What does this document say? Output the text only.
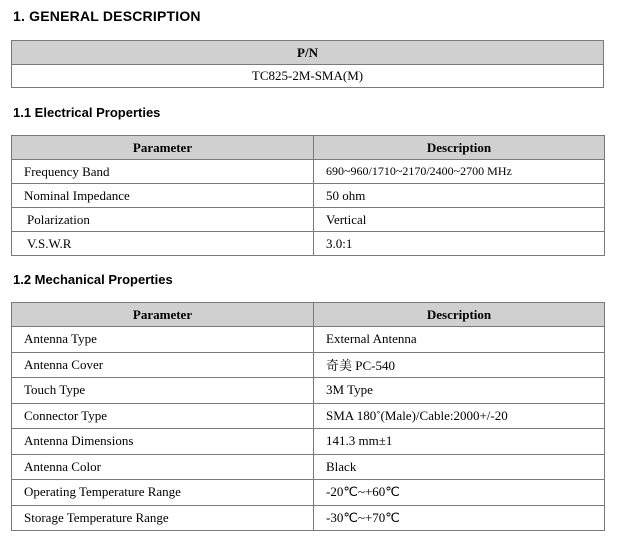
1. GENERAL DESCRIPTION
P/N
TC825-2M-SMA(M)
1.1 Electrical Properties
Parameter	Description
Frequency Band	690~960/1710~2170/2400~2700 MHz
Nominal Impedance	50 ohm
Polarization	Vertical
V.S.W.R	3.0:1
1.2 Mechanical Properties
Parameter	Description
Antenna Type	External Antenna
Antenna Cover	奇美 PC-540
Touch Type	3M Type
Connector Type	SMA 180˚(Male)/Cable:2000+/-20
Antenna Dimensions	141.3 mm±1
Antenna Color	Black
Operating Temperature Range	-20℃~+60℃
Storage Temperature Range	-30℃~+70℃
